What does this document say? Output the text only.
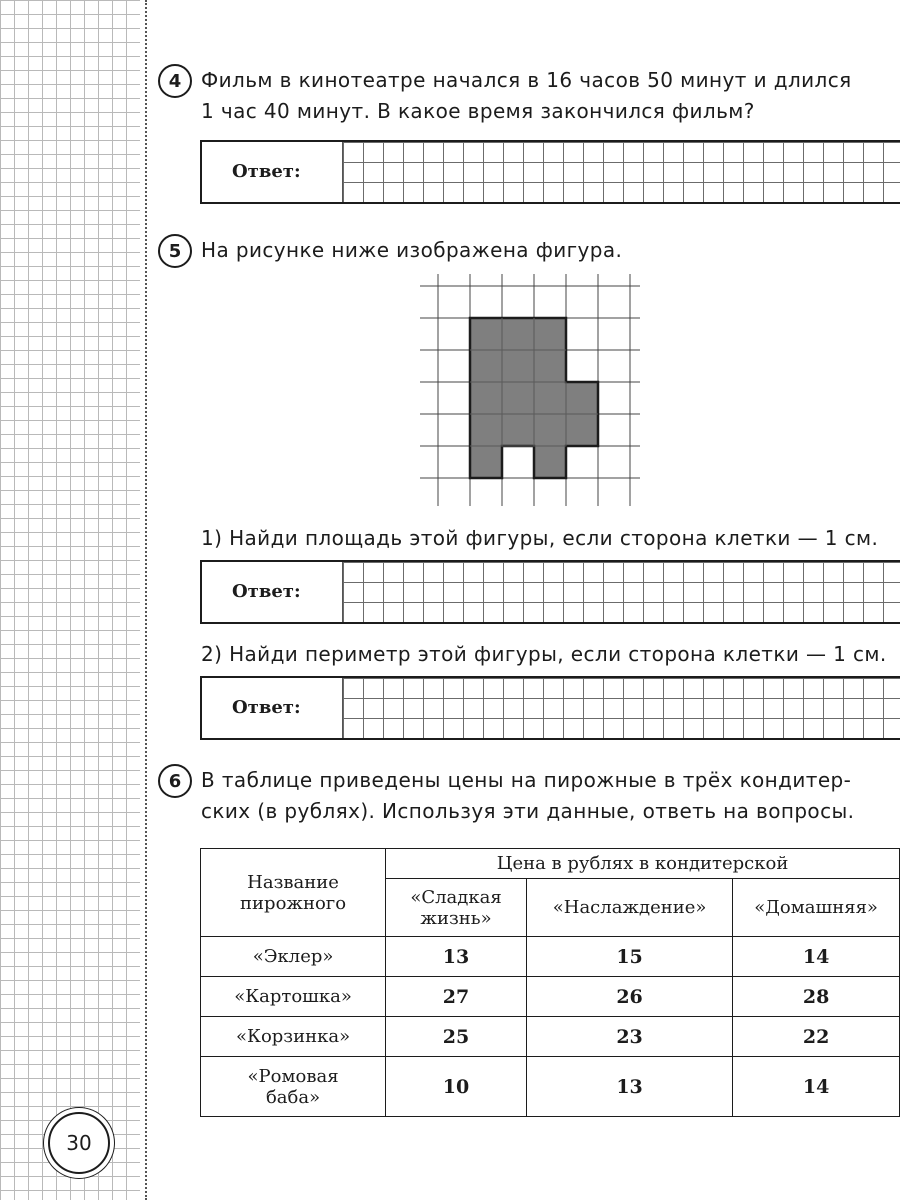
4 Фильм в кинотеатре начался в 16 часов 50 минут и длился
1 час 40 минут. В какое время закончился фильм?
Ответ:
5 На рисунке ниже изображена фигура.
1) Найди площадь этой фигуры, если сторона клетки — 1 см.
Ответ:
2) Найди периметр этой фигуры, если сторона клетки — 1 см.
Ответ:
6 В таблице приведены цены на пирожные в трёх кондитер-
ских (в рублях). Используя эти данные, ответь на вопросы.
Название пирожного	Цена в рублях в кондитерской		
	«Сладкая жизнь»	«Наслаждение»	«Домашняя»
«Эклер»	13	15	14
«Картошка»	27	26	28
«Корзинка»	25	23	22
«Ромовая баба»	10	13	14
30
